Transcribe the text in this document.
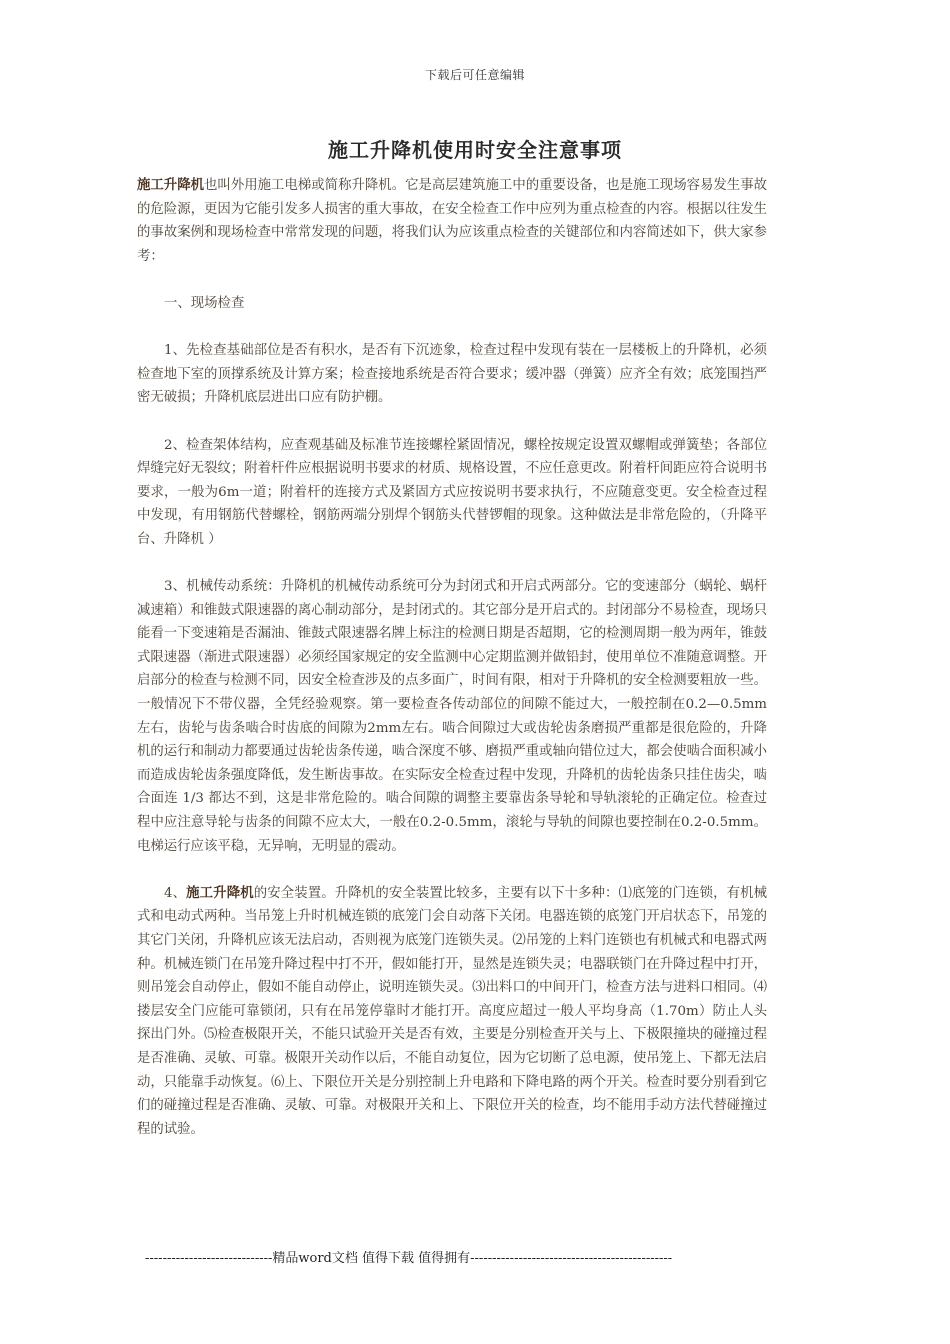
下载后可任意编辑
施工升降机使用时安全注意事项

施工升降机也叫外用施工电梯或简称升降机。它是高层建筑施工中的重要设备，也是施工现场容易发生事故的危险源，更因为它能引发多人损害的重大事故，在安全检查工作中应列为重点检查的内容。根据以往发生的事故案例和现场检查中常常发现的问题，将我们认为应该重点检查的关键部位和内容简述如下，供大家参考：

一、现场检查

1、先检查基础部位是否有积水，是否有下沉迹象，检查过程中发现有装在一层楼板上的升降机，必须检查地下室的顶撑系统及计算方案；检查接地系统是否符合要求；缓冲器（弹簧）应齐全有效；底笼围挡严密无破损；升降机底层进出口应有防护棚。

2、检查架体结构，应查观基础及标准节连接螺栓紧固情况，螺栓按规定设置双螺帽或弹簧垫；各部位焊缝完好无裂纹；附着杆件应根据说明书要求的材质、规格设置，不应任意更改。附着杆间距应符合说明书要求，一般为6m一道；附着杆的连接方式及紧固方式应按说明书要求执行，不应随意变更。安全检查过程中发现，有用钢筋代替螺栓，钢筋两端分别焊个钢筋头代替锣帽的现象。这种做法是非常危险的，（升降平台、升降机 ）

3、机械传动系统：升降机的机械传动系统可分为封闭式和开启式两部分。它的变速部分（蜗轮、蜗杆减速箱）和锥鼓式限速器的离心制动部分，是封闭式的。其它部分是开启式的。封闭部分不易检查，现场只能看一下变速箱是否漏油、锥鼓式限速器名牌上标注的检测日期是否超期，它的检测周期一般为两年，锥鼓式限速器（渐进式限速器）必须经国家规定的安全监测中心定期监测并做铅封，使用单位不准随意调整。开启部分的检查与检测不同，因安全检查涉及的点多面广，时间有限，相对于升降机的安全检测要粗放一些。一般情况下不带仪器，全凭经验观察。第一要检查各传动部位的间隙不能过大，一般控制在0.2—0.5mm左右，齿轮与齿条啮合时齿底的间隙为2mm左右。啮合间隙过大或齿轮齿条磨损严重都是很危险的，升降机的运行和制动力都要通过齿轮齿条传递，啮合深度不够、磨损严重或轴向错位过大，都会使啮合面积减小而造成齿轮齿条强度降低，发生断齿事故。在实际安全检查过程中发现，升降机的齿轮齿条只挂住齿尖，啮合面连 1/3 都达不到，这是非常危险的。啮合间隙的调整主要靠齿条导轮和导轨滚轮的正确定位。检查过程中应注意导轮与齿条的间隙不应太大，一般在0.2-0.5mm，滚轮与导轨的间隙也要控制在0.2-0.5mm。电梯运行应该平稳，无异响，无明显的震动。

4、施工升降机的安全装置。升降机的安全装置比较多，主要有以下十多种：⑴底笼的门连锁，有机械式和电动式两种。当吊笼上升时机械连锁的底笼门会自动落下关闭。电器连锁的底笼门开启状态下，吊笼的其它门关闭，升降机应该无法启动，否则视为底笼门连锁失灵。⑵吊笼的上料门连锁也有机械式和电器式两种。机械连锁门在吊笼升降过程中打不开，假如能打开，显然是连锁失灵；电器联锁门在升降过程中打开，则吊笼会自动停止，假如不能自动停止，说明连锁失灵。⑶出料口的中间开门，检查方法与进料口相同。⑷搂层安全门应能可靠锁闭，只有在吊笼停靠时才能打开。高度应超过一般人平均身高（1.70m）防止人头探出门外。⑸检查极限开关，不能只试验开关是否有效，主要是分别检查开关与上、下极限撞块的碰撞过程是否准确、灵敏、可靠。极限开关动作以后，不能自动复位，因为它切断了总电源，使吊笼上、下都无法启动，只能靠手动恢复。⑹上、下限位开关是分别控制上升电路和下降电路的两个开关。检查时要分别看到它们的碰撞过程是否准确、灵敏、可靠。对极限开关和上、下限位开关的检查，均不能用手动方法代替碰撞过程的试验。

-----------------------------精品word文档 值得下载 值得拥有----------------------------------------------
